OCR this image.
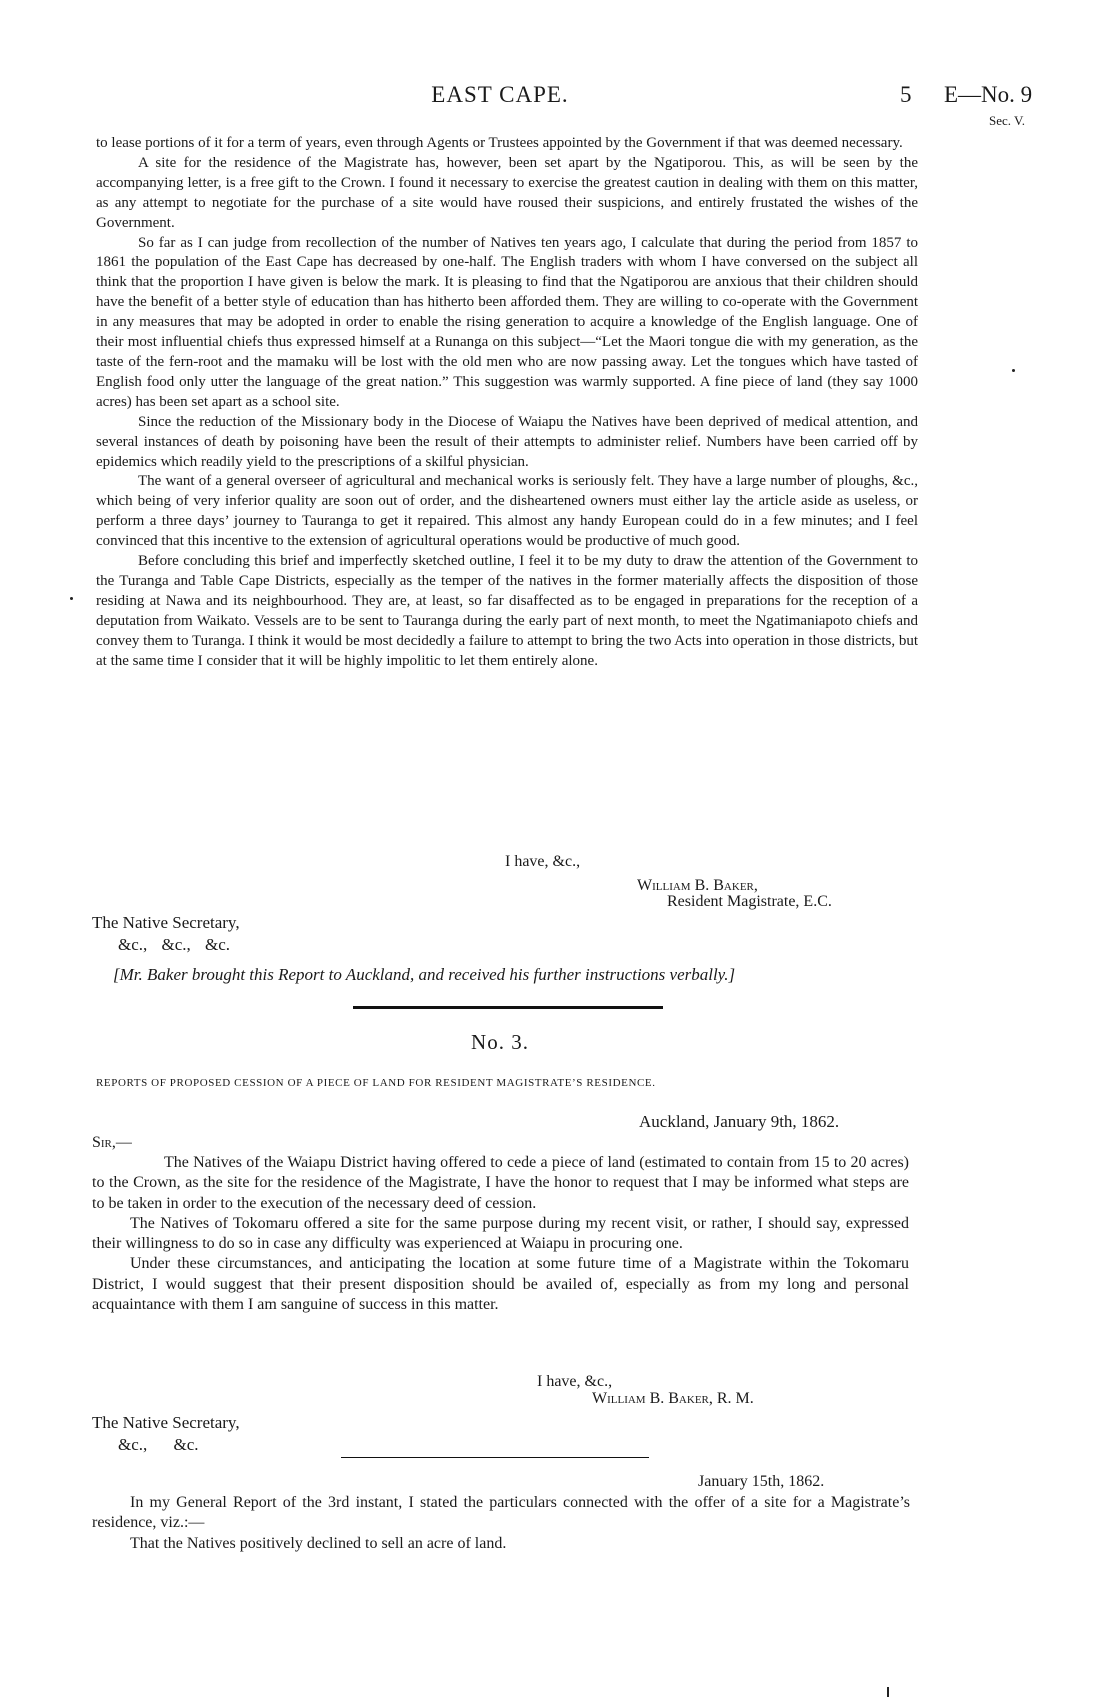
EAST CAPE.	5 E—No. 9
Sec. V.

to lease portions of it for a term of years, even through Agents or Trustees appointed by the Government if that was deemed necessary.

A site for the residence of the Magistrate has, however, been set apart by the Ngatiporou. This, as will be seen by the accompanying letter, is a free gift to the Crown. I found it necessary to exercise the greatest caution in dealing with them on this matter, as any attempt to negotiate for the purchase of a site would have roused their suspicions, and entirely frustated the wishes of the Government.

So far as I can judge from recollection of the number of Natives ten years ago, I calculate that during the period from 1857 to 1861 the population of the East Cape has decreased by one-half. The English traders with whom I have conversed on the subject all think that the proportion I have given is below the mark. It is pleasing to find that the Ngatiporou are anxious that their children should have the benefit of a better style of education than has hitherto been afforded them. They are willing to co-operate with the Government in any measures that may be adopted in order to enable the rising generation to acquire a knowledge of the English language. One of their most influential chiefs thus expressed himself at a Runanga on this subject—“Let the Maori tongue die with my generation, as the taste of the fern-root and the mamaku will be lost with the old men who are now passing away. Let the tongues which have tasted of English food only utter the language of the great nation.” This suggestion was warmly supported. A fine piece of land (they say 1000 acres) has been set apart as a school site.

Since the reduction of the Missionary body in the Diocese of Waiapu the Natives have been deprived of medical attention, and several instances of death by poisoning have been the result of their attempts to administer relief. Numbers have been carried off by epidemics which readily yield to the prescriptions of a skilful physician.

The want of a general overseer of agricultural and mechanical works is seriously felt. They have a large number of ploughs, &c., which being of very inferior quality are soon out of order, and the disheartened owners must either lay the article aside as useless, or perform a three days’ journey to Tauranga to get it repaired. This almost any handy European could do in a few minutes; and I feel convinced that this incentive to the extension of agricultural operations would be productive of much good.

Before concluding this brief and imperfectly sketched outline, I feel it to be my duty to draw the attention of the Government to the Turanga and Table Cape Districts, especially as the temper of the natives in the former materially affects the disposition of those residing at Nawa and its neighbourhood. They are, at least, so far disaffected as to be engaged in preparations for the reception of a deputation from Waikato. Vessels are to be sent to Tauranga during the early part of next month, to meet the Ngatimaniapoto chiefs and convey them to Turanga. I think it would be most decidedly a failure to attempt to bring the two Acts into operation in those districts, but at the same time I consider that it will be highly impolitic to let them entirely alone.

I have, &c.,
William B. Baker,
Resident Magistrate, E.C.
The Native Secretary,
&c., &c., &c.
[Mr. Baker brought this Report to Auckland, and received his further instructions verbally.]
No. 3.
REPORTS OF PROPOSED CESSION OF A PIECE OF LAND FOR RESIDENT MAGISTRATE’S RESIDENCE.
Auckland, January 9th, 1862.
Sir,—

The Natives of the Waiapu District having offered to cede a piece of land (estimated to contain from 15 to 20 acres) to the Crown, as the site for the residence of the Magistrate, I have the honor to request that I may be informed what steps are to be taken in order to the execution of the necessary deed of cession.

The Natives of Tokomaru offered a site for the same purpose during my recent visit, or rather, I should say, expressed their willingness to do so in case any difficulty was experienced at Waiapu in procuring one.

Under these circumstances, and anticipating the location at some future time of a Magistrate within the Tokomaru District, I would suggest that their present disposition should be availed of, especially as from my long and personal acquaintance with them I am sanguine of success in this matter.

I have, &c.,
William B. Baker, R. M.
The Native Secretary,
&c., &c.
January 15th, 1862.

In my General Report of the 3rd instant, I stated the particulars connected with the offer of a site for a Magistrate’s residence, viz.:—

That the Natives positively declined to sell an acre of land.
